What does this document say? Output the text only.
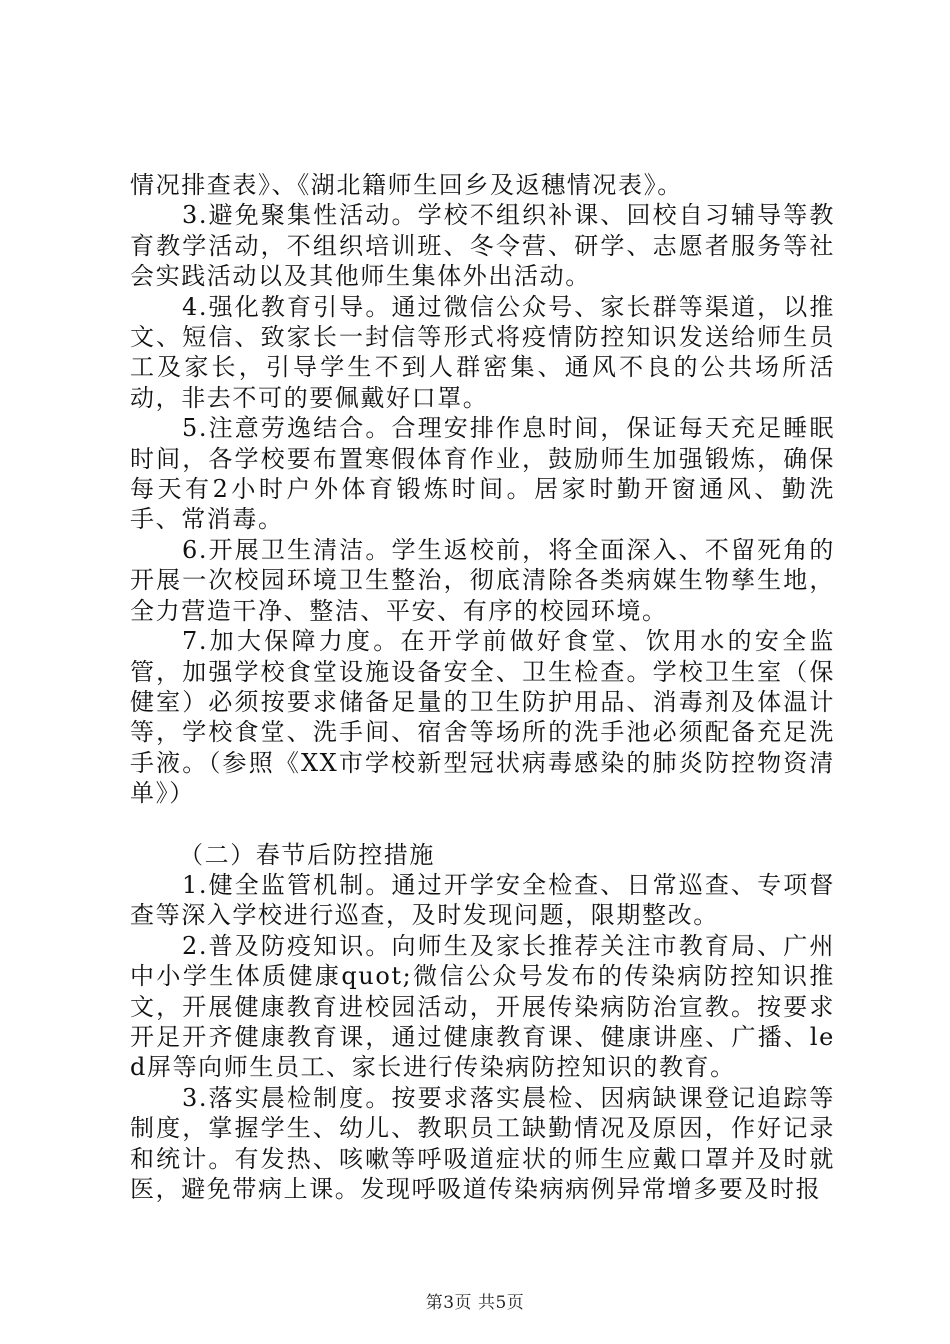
情况排查表》、《湖北籍师生回乡及返穗情况表》。

3.避免聚集性活动。学校不组织补课、回校自习辅导等教育教学活动，不组织培训班、冬令营、研学、志愿者服务等社会实践活动以及其他师生集体外出活动。

4.强化教育引导。通过微信公众号、家长群等渠道，以推文、短信、致家长一封信等形式将疫情防控知识发送给师生员工及家长，引导学生不到人群密集、通风不良的公共场所活动，非去不可的要佩戴好口罩。

5.注意劳逸结合。合理安排作息时间，保证每天充足睡眠时间，各学校要布置寒假体育作业，鼓励师生加强锻炼，确保每天有2小时户外体育锻炼时间。居家时勤开窗通风、勤洗手、常消毒。

6.开展卫生清洁。学生返校前，将全面深入、不留死角的开展一次校园环境卫生整治，彻底清除各类病媒生物孳生地，全力营造干净、整洁、平安、有序的校园环境。

7.加大保障力度。在开学前做好食堂、饮用水的安全监管，加强学校食堂设施设备安全、卫生检查。学校卫生室（保健室）必须按要求储备足量的卫生防护用品、消毒剂及体温计等，学校食堂、洗手间、宿舍等场所的洗手池必须配备充足洗手液。（参照《XX市学校新型冠状病毒感染的肺炎防控物资清单》）

（二）春节后防控措施

1.健全监管机制。通过开学安全检查、日常巡查、专项督查等深入学校进行巡查，及时发现问题，限期整改。

2.普及防疫知识。向师生及家长推荐关注市教育局、广州中小学生体质健康quot;微信公众号发布的传染病防控知识推文，开展健康教育进校园活动，开展传染病防治宣教。按要求开足开齐健康教育课，通过健康教育课、健康讲座、广播、led屏等向师生员工、家长进行传染病防控知识的教育。

3.落实晨检制度。按要求落实晨检、因病缺课登记追踪等制度，掌握学生、幼儿、教职员工缺勤情况及原因，作好记录和统计。有发热、咳嗽等呼吸道症状的师生应戴口罩并及时就医，避免带病上课。发现呼吸道传染病病例异常增多要及时报

第3页 共5页
